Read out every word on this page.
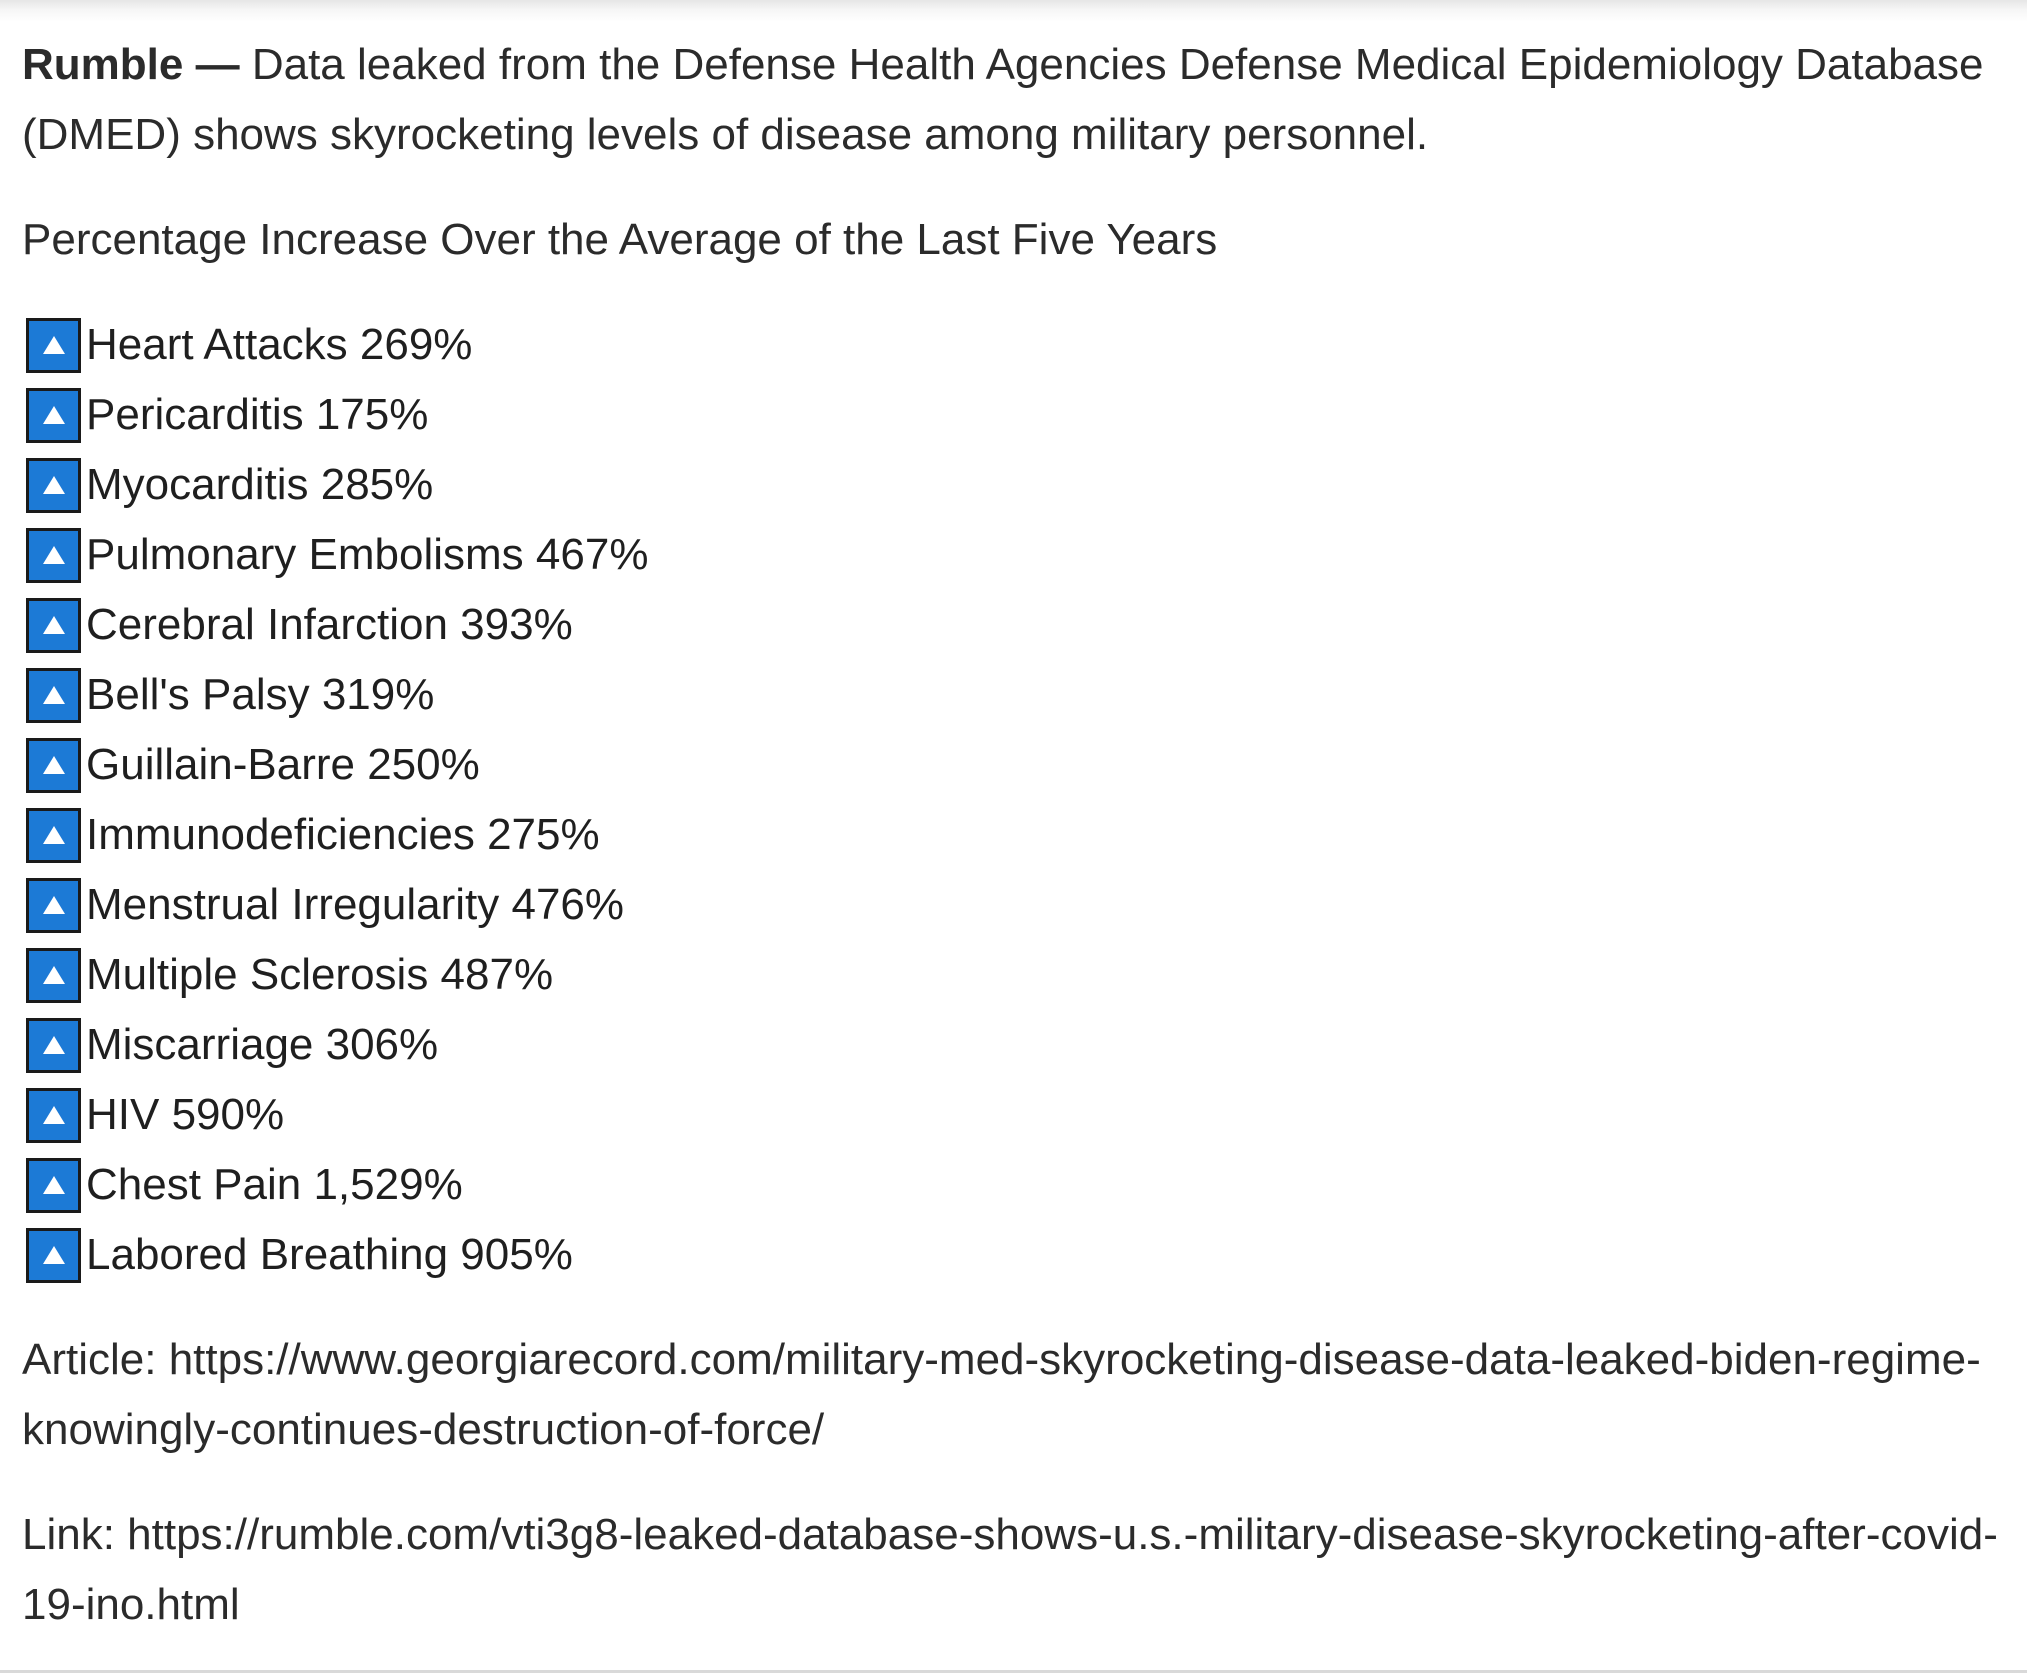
Rumble — Data leaked from the Defense Health Agencies Defense Medical Epidemiology Database (DMED) shows skyrocketing levels of disease among military personnel.

Percentage Increase Over the Average of the Last Five Years

Heart Attacks 269%
Pericarditis 175%
Myocarditis 285%
Pulmonary Embolisms 467%
Cerebral Infarction 393%
Bell's Palsy 319%
Guillain-Barre 250%
Immunodeficiencies 275%
Menstrual Irregularity 476%
Multiple Sclerosis 487%
Miscarriage 306%
HIV 590%
Chest Pain 1,529%
Labored Breathing 905%

Article: https://www.georgiarecord.com/military-med-skyrocketing-disease-data-leaked-biden-regime-knowingly-continues-destruction-of-force/

Link: https://rumble.com/vti3g8-leaked-database-shows-u.s.-military-disease-skyrocketing-after-covid-19-ino.html
